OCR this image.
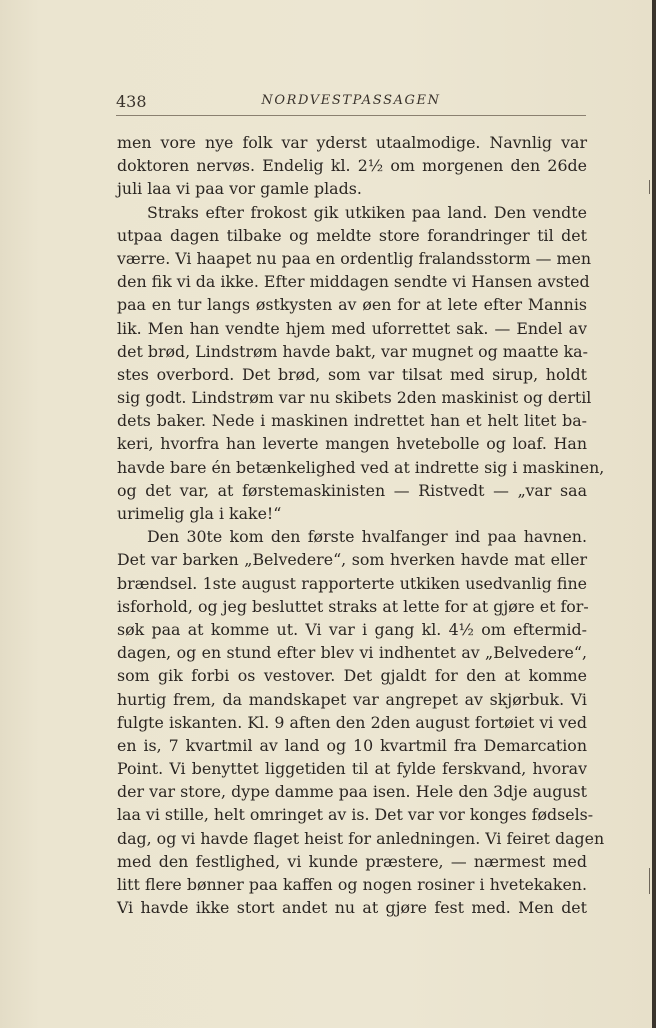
438	NORDVESTPASSAGEN
men vore nye folk var yderst utaalmodige. Navnlig var
doktoren nervøs. Endelig kl. 2½ om morgenen den 26de
juli laa vi paa vor gamle plads.
Straks efter frokost gik utkiken paa land. Den vendte
utpaa dagen tilbake og meldte store forandringer til det
værre. Vi haapet nu paa en ordentlig fralandsstorm — men
den fik vi da ikke. Efter middagen sendte vi Hansen avsted
paa en tur langs østkysten av øen for at lete efter Mannis
lik. Men han vendte hjem med uforrettet sak. — Endel av
det brød, Lindstrøm havde bakt, var mugnet og maatte ka-
stes overbord. Det brød, som var tilsat med sirup, holdt
sig godt. Lindstrøm var nu skibets 2den maskinist og dertil
dets baker. Nede i maskinen indrettet han et helt litet ba-
keri, hvorfra han leverte mangen hvetebolle og loaf. Han
havde bare én betænkelighed ved at indrette sig i maskinen,
og det var, at førstemaskinisten — Ristvedt — „var saa
urimelig gla i kake!“
Den 30te kom den første hvalfanger ind paa havnen.
Det var barken „Belvedere“, som hverken havde mat eller
brændsel. 1ste august rapporterte utkiken usedvanlig fine
isforhold, og jeg besluttet straks at lette for at gjøre et for-
søk paa at komme ut. Vi var i gang kl. 4½ om eftermid-
dagen, og en stund efter blev vi indhentet av „Belvedere“,
som gik forbi os vestover. Det gjaldt for den at komme
hurtig frem, da mandskapet var angrepet av skjørbuk. Vi
fulgte iskanten. Kl. 9 aften den 2den august fortøiet vi ved
en is, 7 kvartmil av land og 10 kvartmil fra Demarcation
Point. Vi benyttet liggetiden til at fylde ferskvand, hvorav
der var store, dype damme paa isen. Hele den 3dje august
laa vi stille, helt omringet av is. Det var vor konges fødsels-
dag, og vi havde flaget heist for anledningen. Vi feiret dagen
med den festlighed, vi kunde præstere, — nærmest med
litt flere bønner paa kaffen og nogen rosiner i hvetekaken.
Vi havde ikke stort andet nu at gjøre fest med. Men det
